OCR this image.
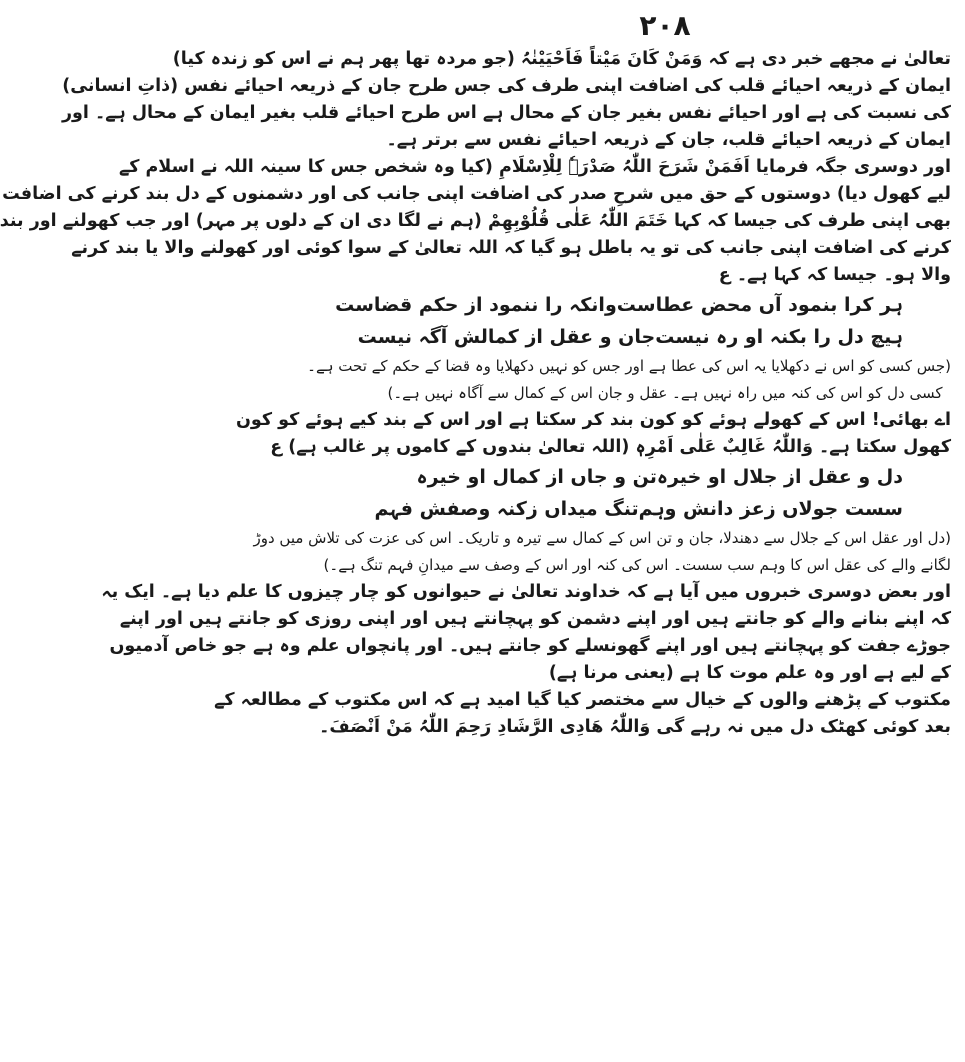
۲۰۸
تعالیٰ نے مجھے خبر دی ہے کہ وَمَنْ کَانَ مَیْتاً فَاَحْیَیْنٰہُ (جو مردہ تھا پھر ہم نے اس کو زندہ کیا)
ایمان کے ذریعہ احیائے قلب کی اضافت اپنی طرف کی جس طرح جان کے ذریعہ احیائے نفس (ذاتِ انسانی)
کی نسبت کی ہے اور احیائے نفس بغیر جان کے محال ہے اس طرح احیائے قلب بغیر ایمان کے محال ہے۔ اور
ایمان کے ذریعہ احیائے قلب، جان کے ذریعہ احیائے نفس سے برتر ہے۔
اور دوسری جگہ فرمایا اَفَمَنْ شَرَحَ اللّٰہُ صَدْرَہٗ لِلْاِسْلَامِ (کیا وہ شخص جس کا سینہ اللہ نے اسلام کے
لیے کھول دیا) دوستوں کے حق میں شرحِ صدر کی اضافت اپنی جانب کی اور دشمنوں کے دل بند کرنے کی اضافت
بھی اپنی طرف کی جیسا کہ کہا خَتَمَ اللّٰہُ عَلٰی قُلُوْبِھِمْ (ہم نے لگا دی ان کے دلوں پر مہر) اور جب کھولنے اور بند
کرنے کی اضافت اپنی جانب کی تو یہ باطل ہو گیا کہ اللہ تعالیٰ کے سوا کوئی اور کھولنے والا یا بند کرنے
والا ہو۔ جیسا کہ کہا ہے۔ ع
ہر کرا بنمود آں محض عطاست
وانکہ را ننمود از حکم قضاست
ہیچ دل را بکنہ او رہ نیست
جان و عقل از کمالش آگہ نیست
(جس کسی کو اس نے دکھلایا یہ اس کی عطا ہے اور جس کو نہیں دکھلایا وہ قضا کے حکم کے تحت ہے۔
کسی دل کو اس کی کنہ میں راہ نہیں ہے۔ عقل و جان اس کے کمال سے آگاہ نہیں ہے۔)
اے بھائی! اس کے کھولے ہوئے کو کون بند کر سکتا ہے اور اس کے بند کیے ہوئے کو کون
کھول سکتا ہے۔ وَاللّٰہُ غَالِبٌ عَلٰی اَمْرِہٖ (اللہ تعالیٰ بندوں کے کاموں پر غالب ہے) ع
دل و عقل از جلال او خیرہ
تن و جاں از کمال او خیرہ
سست جولاں زعز دانش وہم
تنگ میداں زکنہ وصفش فہم
(دل اور عقل اس کے جلال سے دھندلا، جان و تن اس کے کمال سے تیرہ و تاریک۔ اس کی عزت کی تلاش میں دوڑ
لگانے والے کی عقل اس کا وہم سب سست۔ اس کی کنہ اور اس کے وصف سے میدانِ فہم تنگ ہے۔)
اور بعض دوسری خبروں میں آیا ہے کہ خداوند تعالیٰ نے حیوانوں کو چار چیزوں کا علم دیا ہے۔ ایک یہ
کہ اپنے بنانے والے کو جانتے ہیں اور اپنے دشمن کو پہچانتے ہیں اور اپنی روزی کو جانتے ہیں اور اپنے
جوڑے جفت کو پہچانتے ہیں اور اپنے گھونسلے کو جانتے ہیں۔ اور پانچواں علم وہ ہے جو خاص آدمیوں
کے لیے ہے اور وہ علم موت کا ہے (یعنی مرنا ہے)
مکتوب کے پڑھنے والوں کے خیال سے مختصر کیا گیا امید ہے کہ اس مکتوب کے مطالعہ کے
بعد کوئی کھٹک دل میں نہ رہے گی وَاللّٰہُ ھَادِی الرَّشَادِ رَحِمَ اللّٰہُ مَنْ اَنْصَفَ۔
